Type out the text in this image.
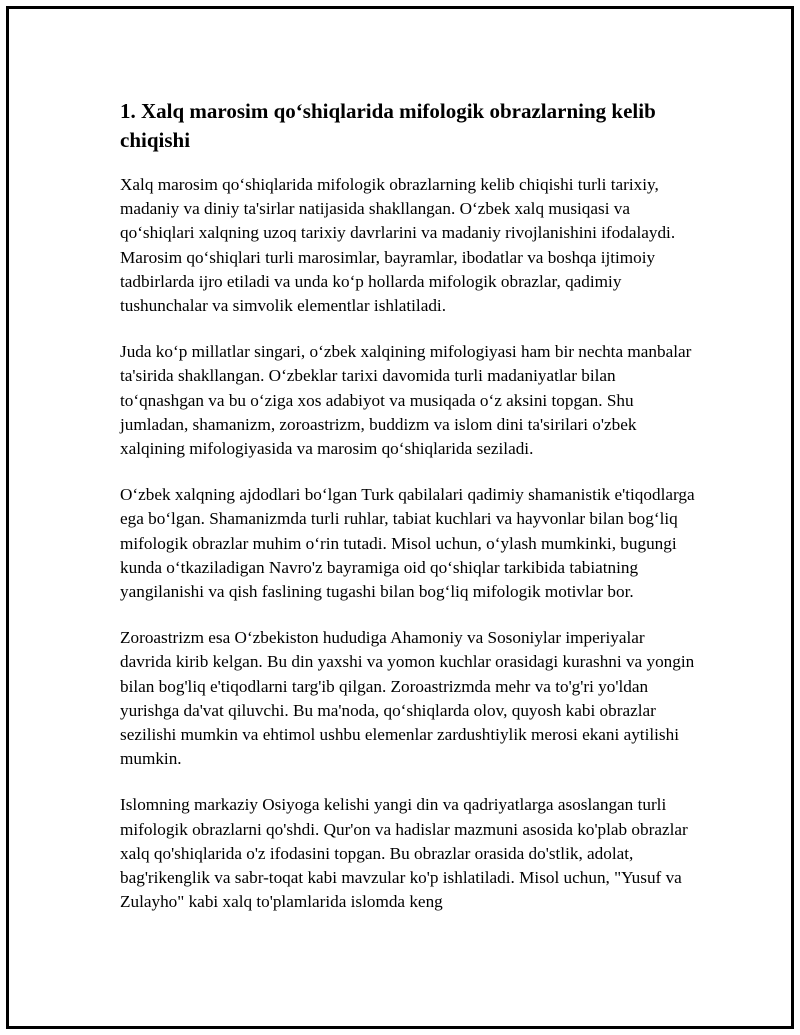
1. Xalq marosim qo‘shiqlarida mifologik obrazlarning kelib chiqishi

Xalq marosim qo‘shiqlarida mifologik obrazlarning kelib chiqishi turli tarixiy, madaniy va diniy ta'sirlar natijasida shakllangan. O‘zbek xalq musiqasi va qo‘shiqlari xalqning uzoq tarixiy davrlarini va madaniy rivojlanishini ifodalaydi. Marosim qo‘shiqlari turli marosimlar, bayramlar, ibodatlar va boshqa ijtimoiy tadbirlarda ijro etiladi va unda ko‘p hollarda mifologik obrazlar, qadimiy tushunchalar va simvolik elementlar ishlatiladi.

Juda ko‘p millatlar singari, o‘zbek xalqining mifologiyasi ham bir nechta manbalar ta'sirida shakllangan. O‘zbeklar tarixi davomida turli madaniyatlar bilan to‘qnashgan va bu o‘ziga xos adabiyot va musiqada o‘z aksini topgan. Shu jumladan, shamanizm, zoroastrizm, buddizm va islom dini ta'sirilari o'zbek xalqining mifologiyasida va marosim qo‘shiqlarida seziladi.

O‘zbek xalqning ajdodlari bo‘lgan Turk qabilalari qadimiy shamanistik e'tiqodlarga ega bo‘lgan. Shamanizmda turli ruhlar, tabiat kuchlari va hayvonlar bilan bog‘liq mifologik obrazlar muhim o‘rin tutadi. Misol uchun, o‘ylash mumkinki, bugungi kunda o‘tkaziladigan Navro'z bayramiga oid qo‘shiqlar tarkibida tabiatning yangilanishi va qish faslining tugashi bilan bog‘liq mifologik motivlar bor.

Zoroastrizm esa O‘zbekiston hududiga Ahamoniy va Sosoniylar imperiyalar davrida kirib kelgan. Bu din yaxshi va yomon kuchlar orasidagi kurashni va yongin bilan bog'liq e'tiqodlarni targ'ib qilgan. Zoroastrizmda mehr va to'g'ri yo'ldan yurishga da'vat qiluvchi. Bu ma'noda, qo‘shiqlarda olov, quyosh kabi obrazlar sezilishi mumkin va ehtimol ushbu elemenlar zardushtiylik merosi ekani aytilishi mumkin.

Islomning markaziy Osiyoga kelishi yangi din va qadriyatlarga asoslangan turli mifologik obrazlarni qo'shdi. Qur'on va hadislar mazmuni asosida ko'plab obrazlar xalq qo'shiqlarida o'z ifodasini topgan. Bu obrazlar orasida do'stlik, adolat, bag'rikenglik va sabr-toqat kabi mavzular ko'p ishlatiladi. Misol uchun, "Yusuf va Zulayho" kabi xalq to'plamlarida islomda keng
